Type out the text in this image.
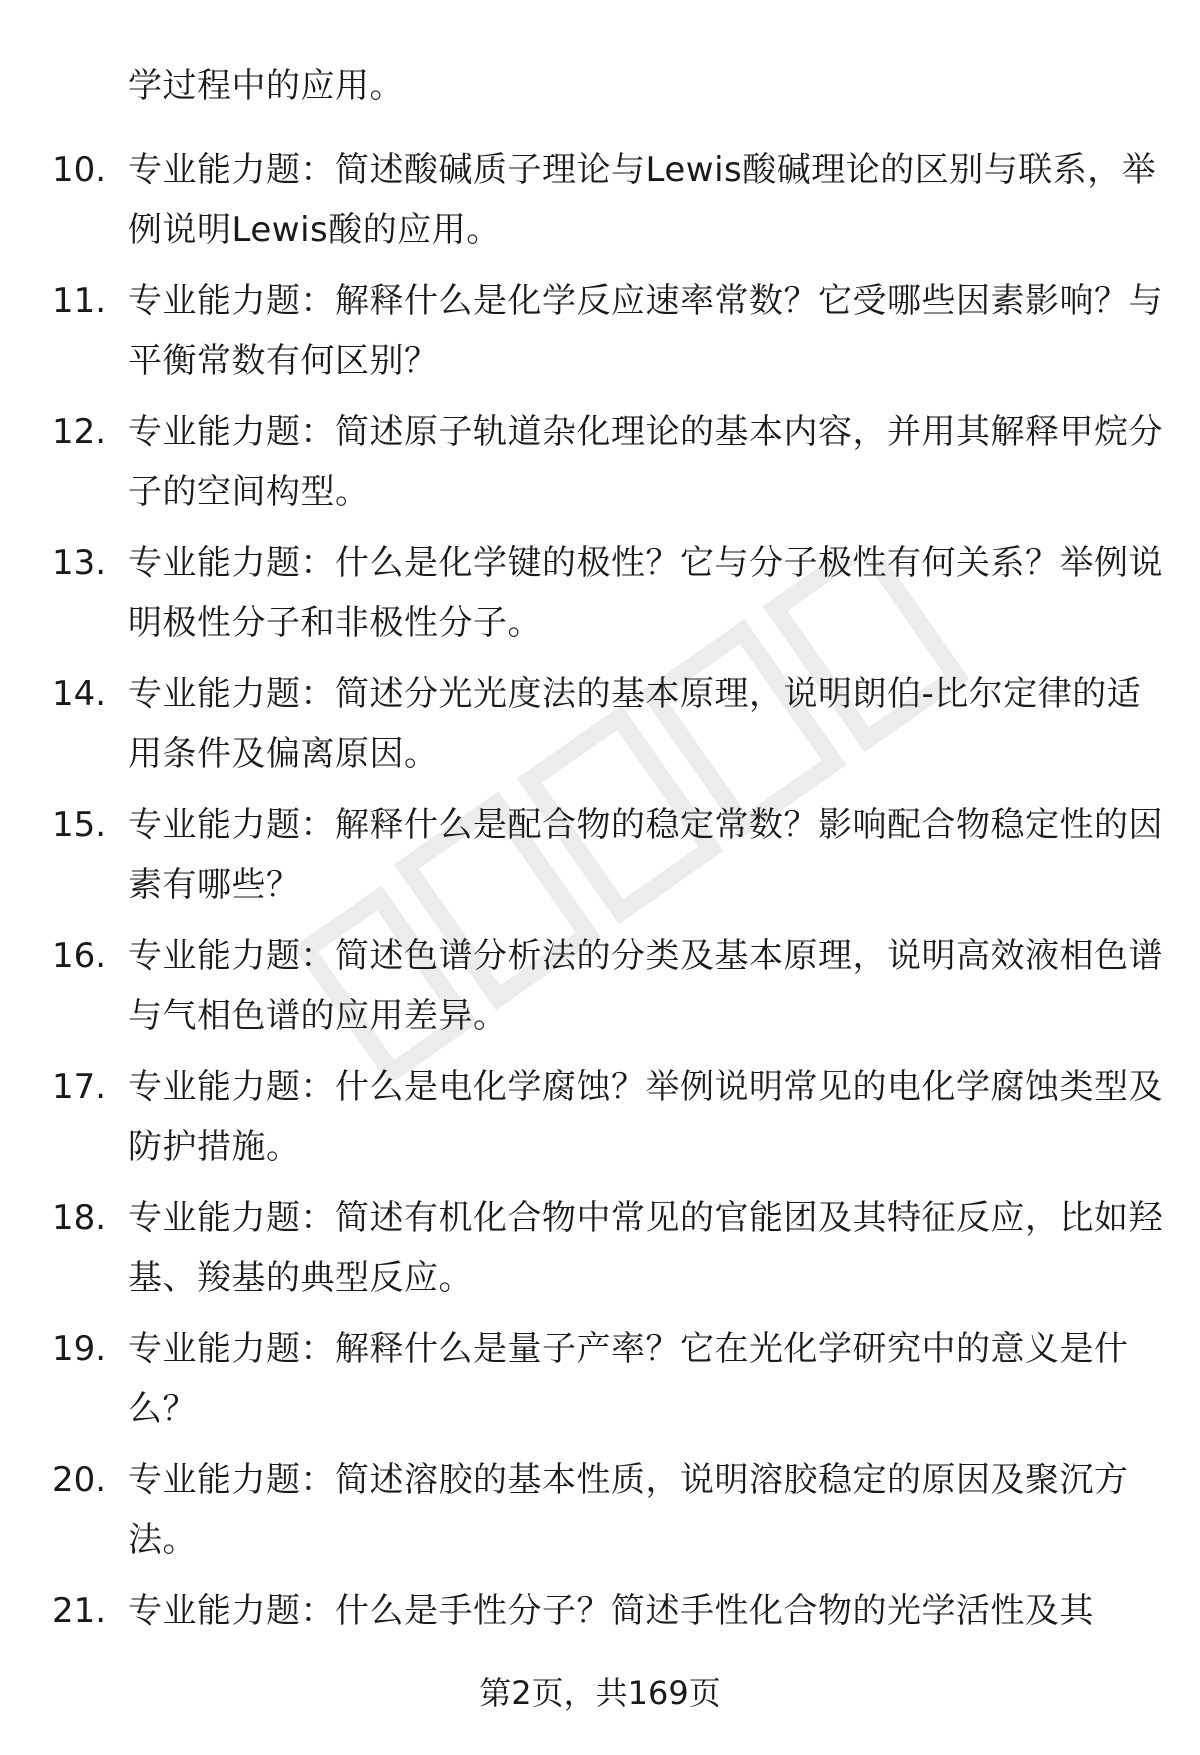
学过程中的应用。
10. 专业能力题：简述酸碱质子理论与Lewis酸碱理论的区别与联系，举例说明Lewis酸的应用。
11. 专业能力题：解释什么是化学反应速率常数？它受哪些因素影响？与平衡常数有何区别？
12. 专业能力题：简述原子轨道杂化理论的基本内容，并用其解释甲烷分子的空间构型。
13. 专业能力题：什么是化学键的极性？它与分子极性有何关系？举例说明极性分子和非极性分子。
14. 专业能力题：简述分光光度法的基本原理，说明朗伯-比尔定律的适用条件及偏离原因。
15. 专业能力题：解释什么是配合物的稳定常数？影响配合物稳定性的因素有哪些？
16. 专业能力题：简述色谱分析法的分类及基本原理，说明高效液相色谱与气相色谱的应用差异。
17. 专业能力题：什么是电化学腐蚀？举例说明常见的电化学腐蚀类型及防护措施。
18. 专业能力题：简述有机化合物中常见的官能团及其特征反应，比如羟基、羧基的典型反应。
19. 专业能力题：解释什么是量子产率？它在光化学研究中的意义是什么？
20. 专业能力题：简述溶胶的基本性质，说明溶胶稳定的原因及聚沉方法。
21. 专业能力题：什么是手性分子？简述手性化合物的光学活性及其
第2页，共169页
